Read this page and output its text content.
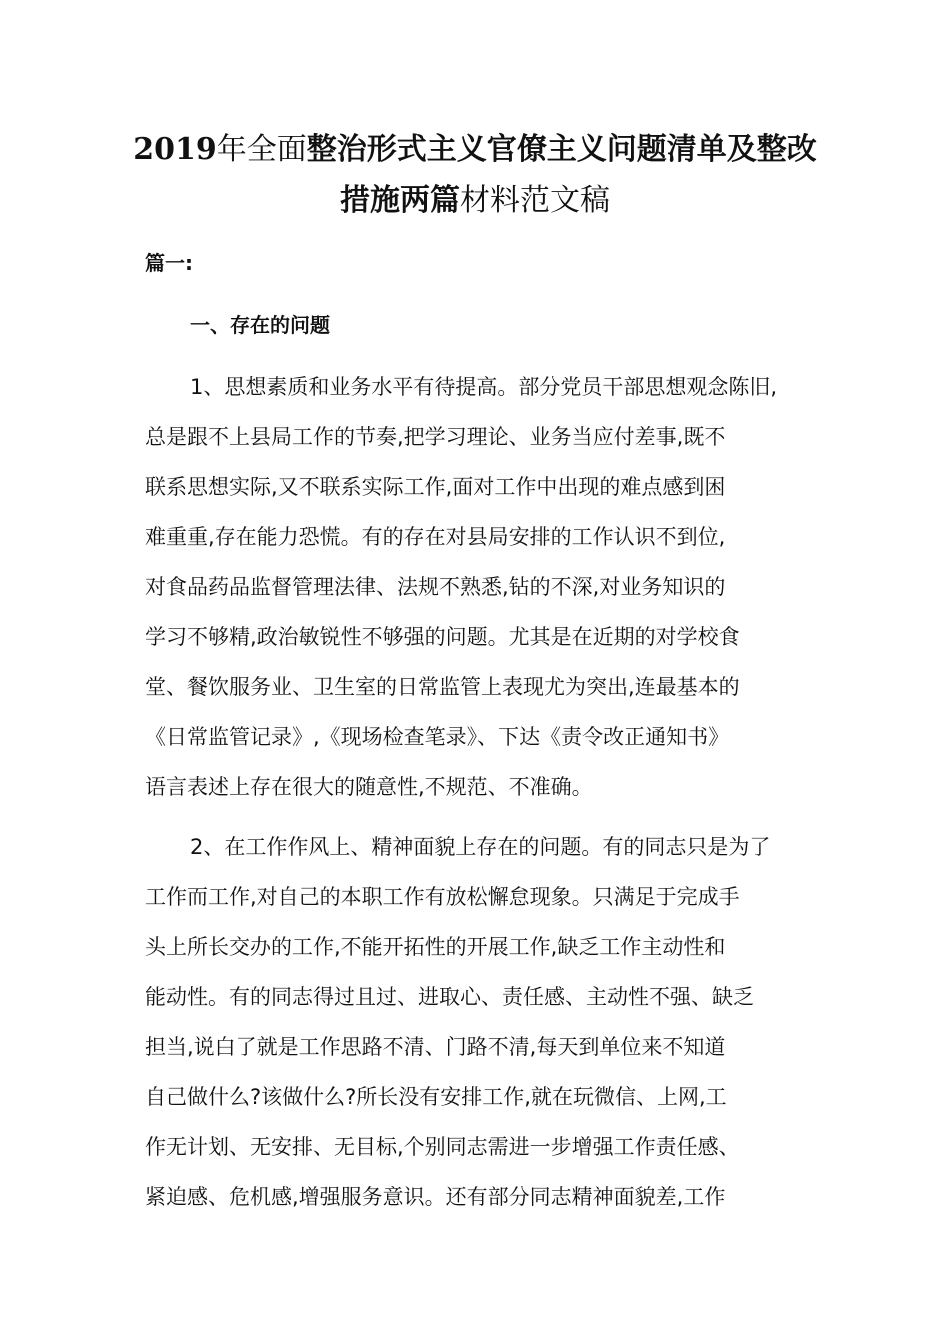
2019年全面整治形式主义官僚主义问题清单及整改
措施两篇材料范文稿
篇一:
一、存在的问题
1、思想素质和业务水平有待提高。部分党员干部思想观念陈旧,
总是跟不上县局工作的节奏,把学习理论、业务当应付差事,既不
联系思想实际,又不联系实际工作,面对工作中出现的难点感到困
难重重,存在能力恐慌。有的存在对县局安排的工作认识不到位,
对食品药品监督管理法律、法规不熟悉,钻的不深,对业务知识的
学习不够精,政治敏锐性不够强的问题。尤其是在近期的对学校食
堂、餐饮服务业、卫生室的日常监管上表现尤为突出,连最基本的
《日常监管记录》,《现场检查笔录》、下达《责令改正通知书》
语言表述上存在很大的随意性,不规范、不准确。
2、在工作作风上、精神面貌上存在的问题。有的同志只是为了
工作而工作,对自己的本职工作有放松懈怠现象。只满足于完成手
头上所长交办的工作,不能开拓性的开展工作,缺乏工作主动性和
能动性。有的同志得过且过、进取心、责任感、主动性不强、缺乏
担当,说白了就是工作思路不清、门路不清,每天到单位来不知道
自己做什么?该做什么?所长没有安排工作,就在玩微信、上网,工
作无计划、无安排、无目标,个别同志需进一步增强工作责任感、
紧迫感、危机感,增强服务意识。还有部分同志精神面貌差,工作
